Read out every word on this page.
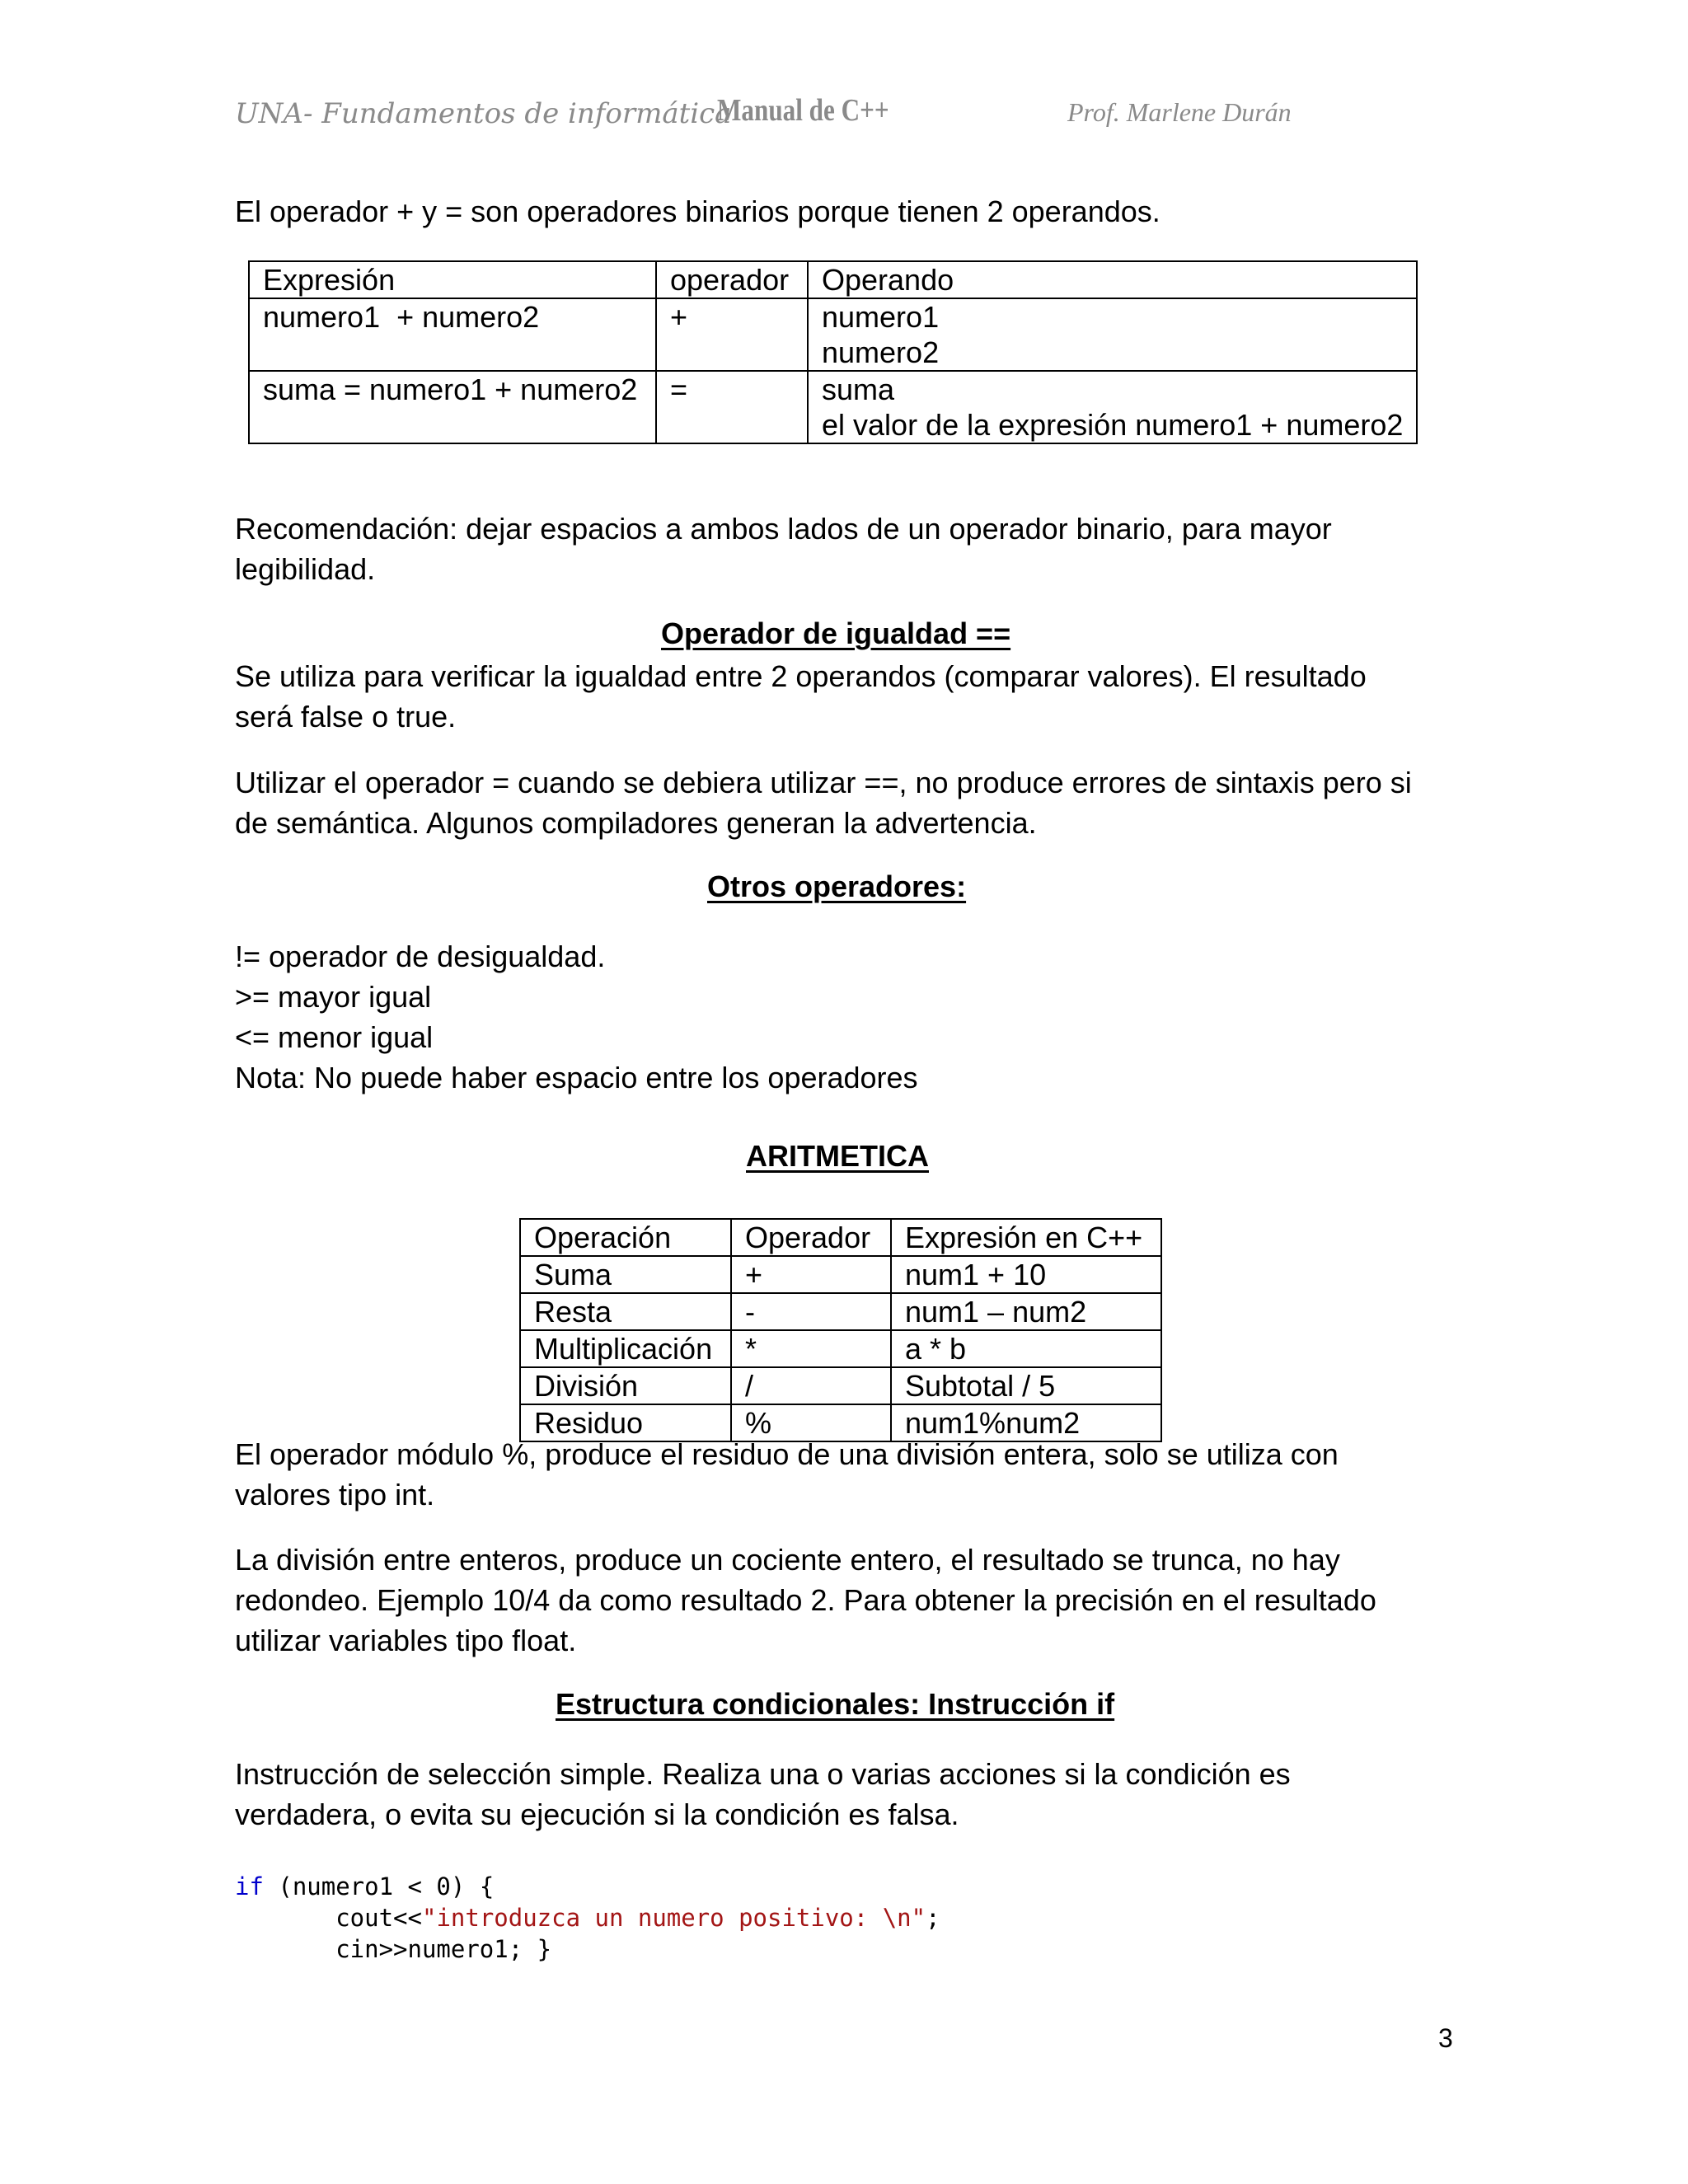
UNA- Fundamentos de informática
Manual de C++	Prof. Marlene Durán
El operador + y = son operadores binarios porque tienen 2 operandos.
Expresión	operador	Operando
numero1  + numero2	+	numero1
numero2

suma = numero1 + numero2	=	suma
el valor de la expresión numero1 + numero2
Recomendación: dejar espacios a ambos lados de un operador binario, para mayor
legibilidad.
Operador de igualdad ==
Se utiliza para verificar la igualdad entre 2 operandos (comparar valores). El resultado
será false o true.
Utilizar el operador = cuando se debiera utilizar ==, no produce errores de sintaxis pero si
de semántica. Algunos compiladores generan la advertencia.
Otros operadores:
!= operador de desigualdad.
>= mayor igual
<= menor igual
Nota: No puede haber espacio entre los operadores
ARITMETICA
Operación	Operador	Expresión en C++
Suma	+	num1 + 10
Resta	-	num1 – num2
Multiplicación	*	a * b
División	/	Subtotal / 5
Residuo	%	num1%num2
El operador módulo %, produce el residuo de una división entera, solo se utiliza con
valores tipo int.
La división entre enteros, produce un cociente entero, el resultado se trunca, no hay
redondeo. Ejemplo 10/4 da como resultado 2. Para obtener la precisión en el resultado
utilizar variables tipo float.
Estructura condicionales: Instrucción if
Instrucción de selección simple. Realiza una o varias acciones si la condición es
verdadera, o evita su ejecución si la condición es falsa.
if (numero1 < 0) {
cout<<"introduzca un numero positivo: \n";
cin>>numero1; }
3
